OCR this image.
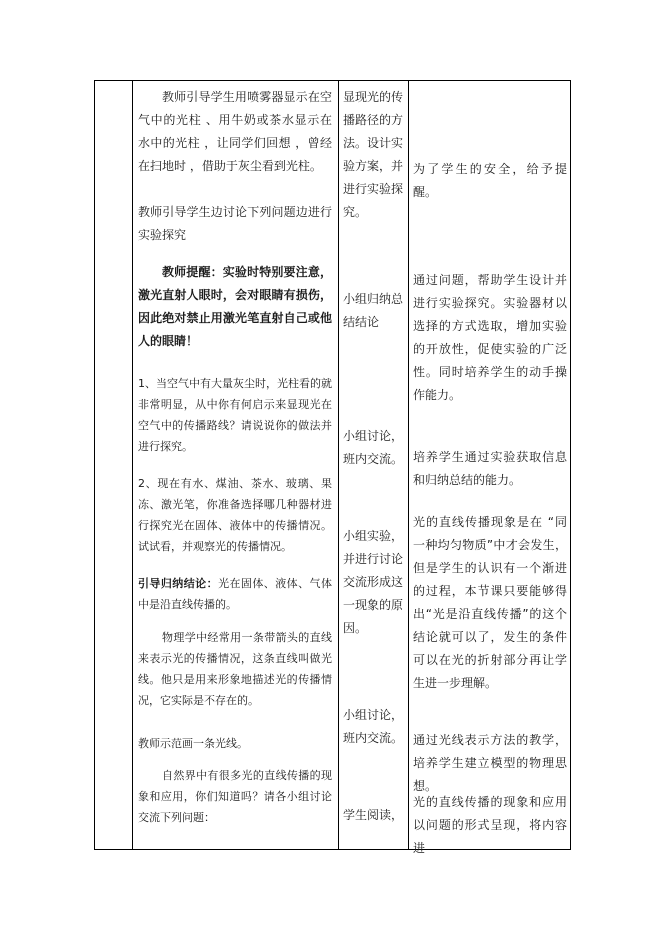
教师引导学生用喷雾器显示在空气中的光柱 、用牛奶或茶水显示在水中的光柱 ，让同学们回想 ，曾经在扫地时 ，借助于灰尘看到光柱。

教师引导学生边讨论下列问题边进行实验探究

教师提醒：实验时特别要注意，激光直射人眼时，会对眼睛有损伤，因此绝对禁止用激光笔直射自己或他人的眼睛！

1、当空气中有大量灰尘时，光柱看的就非常明显，从中你有何启示来显现光在空气中的传播路线？请说说你的做法并进行探究。

2、现在有水、煤油、茶水、玻璃、果冻、激光笔，你准备选择哪几种器材进行探究光在固体、液体中的传播情况。试试看，并观察光的传播情况。

引导归纳结论：光在固体、液体、气体中是沿直线传播的。

物理学中经常用一条带箭头的直线来表示光的传播情况，这条直线叫做光线。他只是用来形象地描述光的传播情况，它实际是不存在的。

教师示范画一条光线。

自然界中有很多光的直线传播的现象和应用，你们知道吗？请各小组讨论交流下列问题：

显现光的传播路径的方法。设计实验方案，并进行实验探究。

小组归纳总结结论

小组讨论，班内交流。

小组实验，并进行讨论交流形成这一现象的原因。

小组讨论，班内交流。

学生阅读，

为了学生的安全，给予提醒。

通过问题，帮助学生设计并进行实验探究。实验器材以选择的方式选取，增加实验的开放性，促使实验的广泛性。同时培养学生的动手操作能力。

培养学生通过实验获取信息和归纳总结的能力。

光的直线传播现象是在 “同一种均匀物质”中才会发生，但是学生的认识有一个渐进的过程，本节课只要能够得出“光是沿直线传播”的这个结论就可以了，发生的条件可以在光的折射部分再让学生进一步理解。

通过光线表示方法的教学，培养学生建立模型的物理思想。

光的直线传播的现象和应用以问题的形式呈现，将内容进
